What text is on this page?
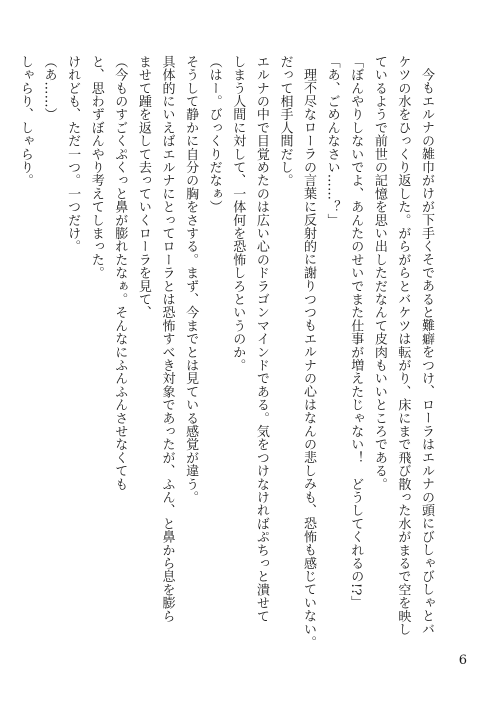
今もエルナの雑巾がけが下手くそであると難癖をつけ、ローラはエルナの頭にびしゃびしゃとバ
ケツの水をひっくり返した。がらがらとバケツは転がり、床にまで飛び散った水がまるで空を映し
ているようで前世の記憶を思い出しただなんて皮肉もいいところである。
「ぼんやりしないでよ、あんたのせいでまた仕事が増えたじゃない！　どうしてくれるの!?」
「あ、ごめんなさい……？」
理不尽なローラの言葉に反射的に謝りつつもエルナの心はなんの悲しみも、恐怖も感じていない。
だって相手人間だし。
エルナの中で目覚めたのは広い心のドラゴンマインドである。気をつけなければぷちっと潰せて
しまう人間に対して、一体何を恐怖しろというのか。
（はー。びっくりだなぁ）
そうして静かに自分の胸をさする。まず、今までとは見ている感覚が違う。
具体的にいえばエルナにとってローラとは恐怖すべき対象であったが、ふん、と鼻から息を膨ら
ませて踵を返して去っていくローラを見て、
（今ものすごくぷくっと鼻が膨れたなぁ。そんなにふんふんさせなくても
と、思わずぼんやり考えてしまった。
けれども、ただ一つ。一つだけ。
（あ……）
しゃらり、しゃらり。
6
